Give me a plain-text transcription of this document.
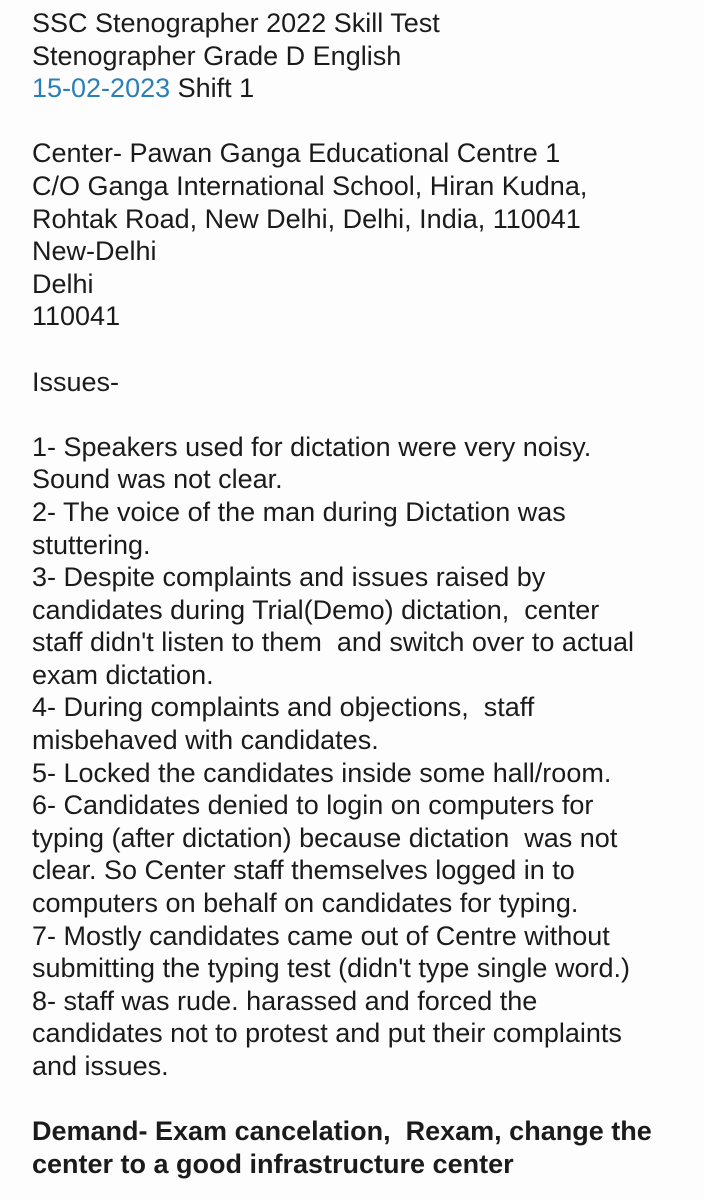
SSC Stenographer 2022 Skill Test
Stenographer Grade D English
15-02-2023 Shift 1
Center- Pawan Ganga Educational Centre 1
C/O Ganga International School, Hiran Kudna,
Rohtak Road, New Delhi, Delhi, India, 110041
New-Delhi
Delhi
110041
Issues-
1- Speakers used for dictation were very noisy.
Sound was not clear.
2- The voice of the man during Dictation was
stuttering.
3- Despite complaints and issues raised by
candidates during Trial(Demo) dictation,  center
staff didn't listen to them  and switch over to actual
exam dictation.
4- During complaints and objections,  staff
misbehaved with candidates.
5- Locked the candidates inside some hall/room.
6- Candidates denied to login on computers for
typing (after dictation) because dictation  was not
clear. So Center staff themselves logged in to
computers on behalf on candidates for typing.
7- Mostly candidates came out of Centre without
submitting the typing test (didn't type single word.)
8- staff was rude. harassed and forced the
candidates not to protest and put their complaints
and issues.
Demand- Exam cancelation,  Rexam, change the
center to a good infrastructure center
